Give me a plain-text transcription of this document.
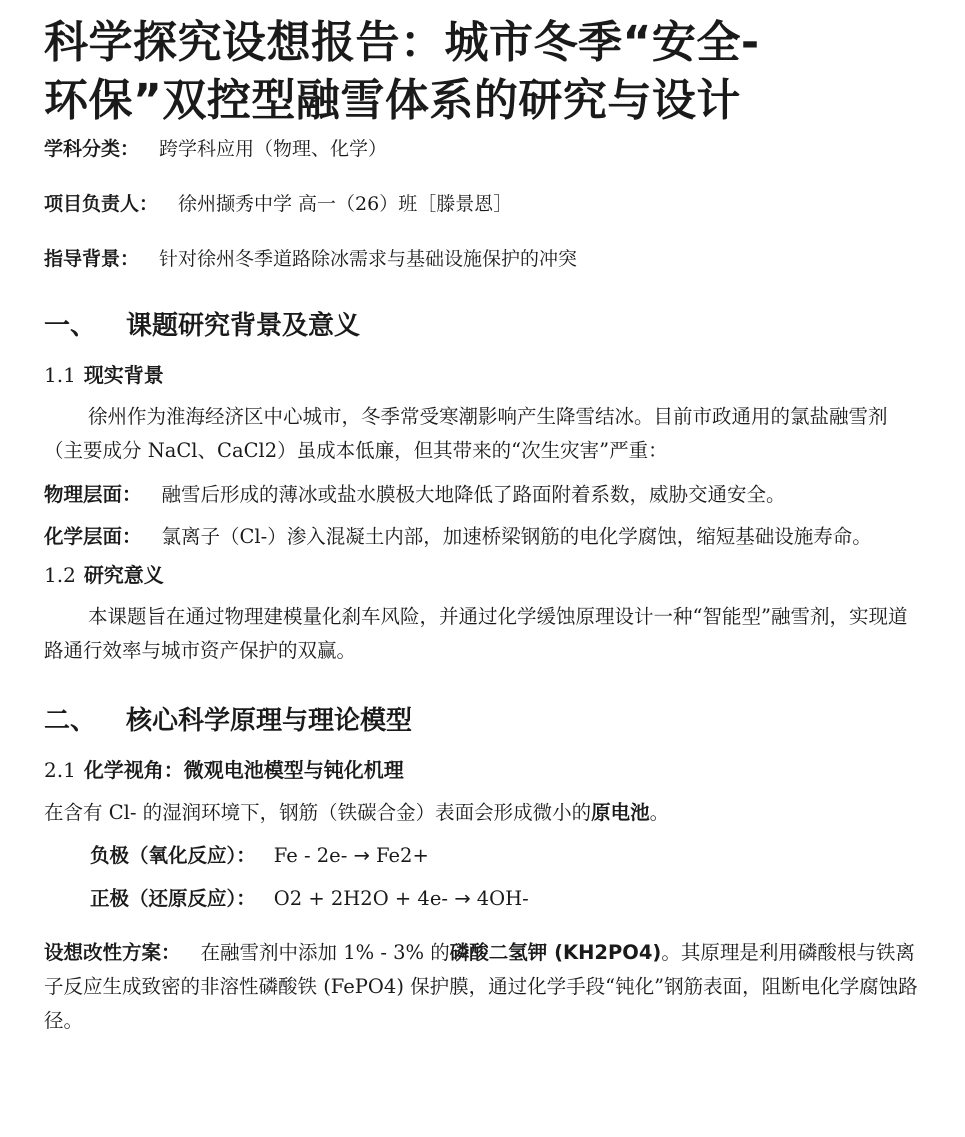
科学探究设想报告：城市冬季“安全-
环保”双控型融雪体系的研究与设计

学科分类： 跨学科应用（物理、化学）

项目负责人： 徐州撷秀中学 高一（26）班［滕景恩］

指导背景： 针对徐州冬季道路除冰需求与基础设施保护的冲突

一、 课题研究背景及意义
1.1 现实背景

徐州作为淮海经济区中心城市，冬季常受寒潮影响产生降雪结冰。目前市政通用的氯盐融雪剂（主要成分 NaCl、CaCl2）虽成本低廉，但其带来的“次生灾害”严重：

物理层面： 融雪后形成的薄冰或盐水膜极大地降低了路面附着系数，威胁交通安全。

化学层面： 氯离子（Cl-）渗入混凝土内部，加速桥梁钢筋的电化学腐蚀，缩短基础设施寿命。

1.2 研究意义

本课题旨在通过物理建模量化刹车风险，并通过化学缓蚀原理设计一种“智能型”融雪剂，实现道路通行效率与城市资产保护的双赢。

二、 核心科学原理与理论模型
2.1 化学视角：微观电池模型与钝化机理

在含有 Cl- 的湿润环境下，钢筋（铁碳合金）表面会形成微小的原电池。

负极（氧化反应）： Fe - 2e- → Fe2+

正极（还原反应）： O2 + 2H2O + 4e- → 4OH-

设想改性方案： 在融雪剂中添加 1% - 3% 的磷酸二氢钾 (KH2PO4)。其原理是利用磷酸根与铁离子反应生成致密的非溶性磷酸铁 (FePO4) 保护膜，通过化学手段“钝化”钢筋表面，阻断电化学腐蚀路径。
